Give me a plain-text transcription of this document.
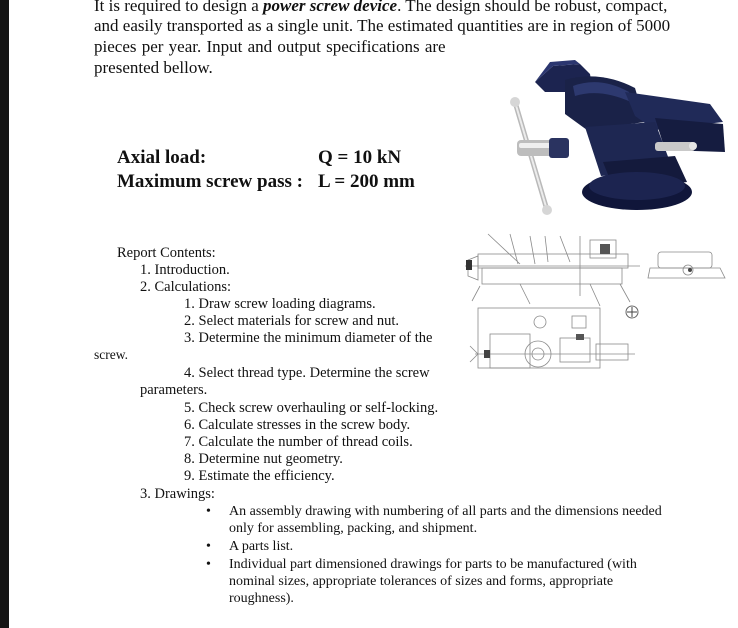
It is required to design a power screw device. The design should be robust, compact,
and easily transported as a single unit. The estimated quantities are in region of 5000
pieces per year. Input and output specifications are
presented bellow.
Axial load:	Q = 10 kN
Maximum screw pass : L = 200 mm
Report Contents:
1. Introduction.
2. Calculations:
1. Draw screw loading diagrams.
2. Select materials for screw and nut.
3. Determine the minimum diameter of the
screw.
4. Select thread type. Determine the screw
parameters.
5. Check screw overhauling or self-locking.
6. Calculate stresses in the screw body.
7. Calculate the number of thread coils.
8. Determine nut geometry.
9. Estimate the efficiency.
3. Drawings:
• An assembly drawing with numbering of all parts and the dimensions needed
only for assembling, packing, and shipment.
• A parts list.
• Individual part dimensioned drawings for parts to be manufactured (with
nominal sizes, appropriate tolerances of sizes and forms, appropriate
roughness).
